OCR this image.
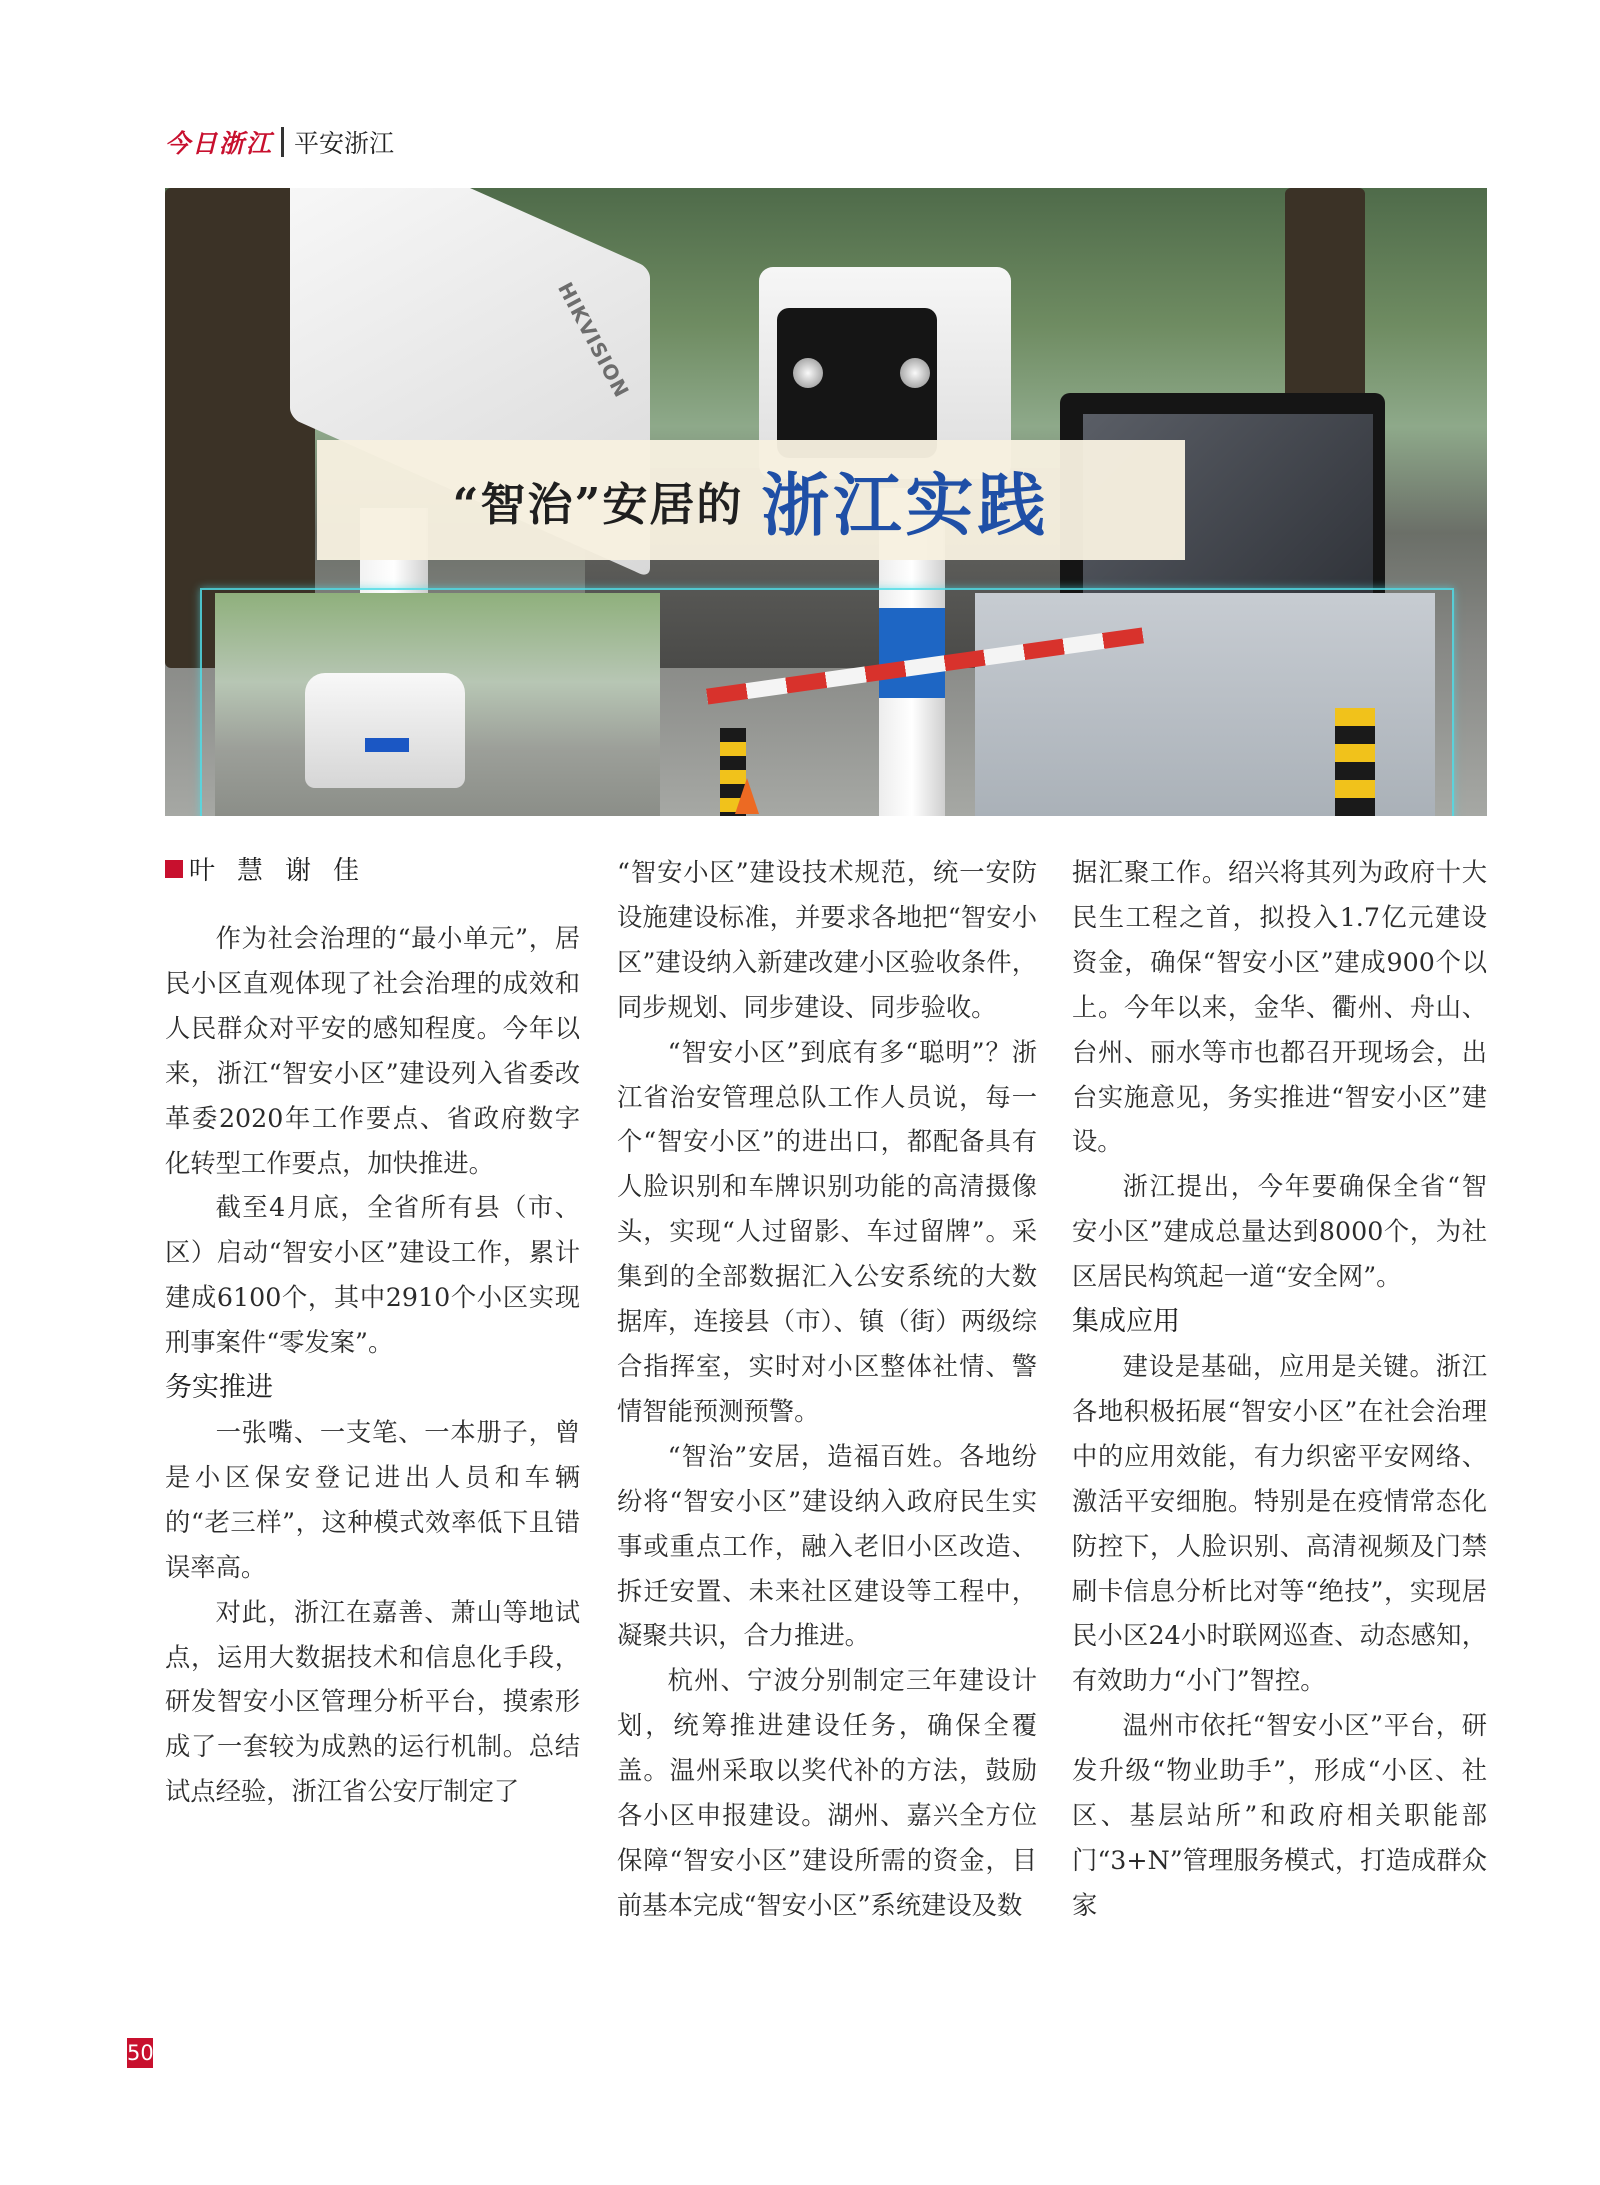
今日浙江 平安浙江
HIKVISION
“智治”安居的 浙江实践
叶慧谢佳

作为社会治理的“最小单元”，居民小区直观体现了社会治理的成效和人民群众对平安的感知程度。今年以来，浙江“智安小区”建设列入省委改革委2020年工作要点、省政府数字化转型工作要点，加快推进。

截至4月底，全省所有县（市、区）启动“智安小区”建设工作，累计建成6100个，其中2910个小区实现刑事案件“零发案”。

务实推进

一张嘴、一支笔、一本册子，曾是小区保安登记进出人员和车辆的“老三样”，这种模式效率低下且错误率高。

对此，浙江在嘉善、萧山等地试点，运用大数据技术和信息化手段，研发智安小区管理分析平台，摸索形成了一套较为成熟的运行机制。总结试点经验，浙江省公安厅制定了

“智安小区”建设技术规范，统一安防设施建设标准，并要求各地把“智安小区”建设纳入新建改建小区验收条件，同步规划、同步建设、同步验收。

“智安小区”到底有多“聪明”？浙江省治安管理总队工作人员说，每一个“智安小区”的进出口，都配备具有人脸识别和车牌识别功能的高清摄像头，实现“人过留影、车过留牌”。采集到的全部数据汇入公安系统的大数据库，连接县（市）、镇（街）两级综合指挥室，实时对小区整体社情、警情智能预测预警。

“智治”安居，造福百姓。各地纷纷将“智安小区”建设纳入政府民生实事或重点工作，融入老旧小区改造、拆迁安置、未来社区建设等工程中，凝聚共识，合力推进。

杭州、宁波分别制定三年建设计划，统筹推进建设任务，确保全覆盖。温州采取以奖代补的方法，鼓励各小区申报建设。湖州、嘉兴全方位保障“智安小区”建设所需的资金，目前基本完成“智安小区”系统建设及数

据汇聚工作。绍兴将其列为政府十大民生工程之首，拟投入1.7亿元建设资金，确保“智安小区”建成900个以上。今年以来，金华、衢州、舟山、台州、丽水等市也都召开现场会，出台实施意见，务实推进“智安小区”建设。

浙江提出，今年要确保全省“智安小区”建成总量达到8000个，为社区居民构筑起一道“安全网”。

集成应用

建设是基础，应用是关键。浙江各地积极拓展“智安小区”在社会治理中的应用效能，有力织密平安网络、激活平安细胞。特别是在疫情常态化防控下，人脸识别、高清视频及门禁刷卡信息分析比对等“绝技”，实现居民小区24小时联网巡查、动态感知，有效助力“小门”智控。

温州市依托“智安小区”平台，研发升级“物业助手”，形成“小区、社区、基层站所”和政府相关职能部门“3+N”管理服务模式，打造成群众家

50
